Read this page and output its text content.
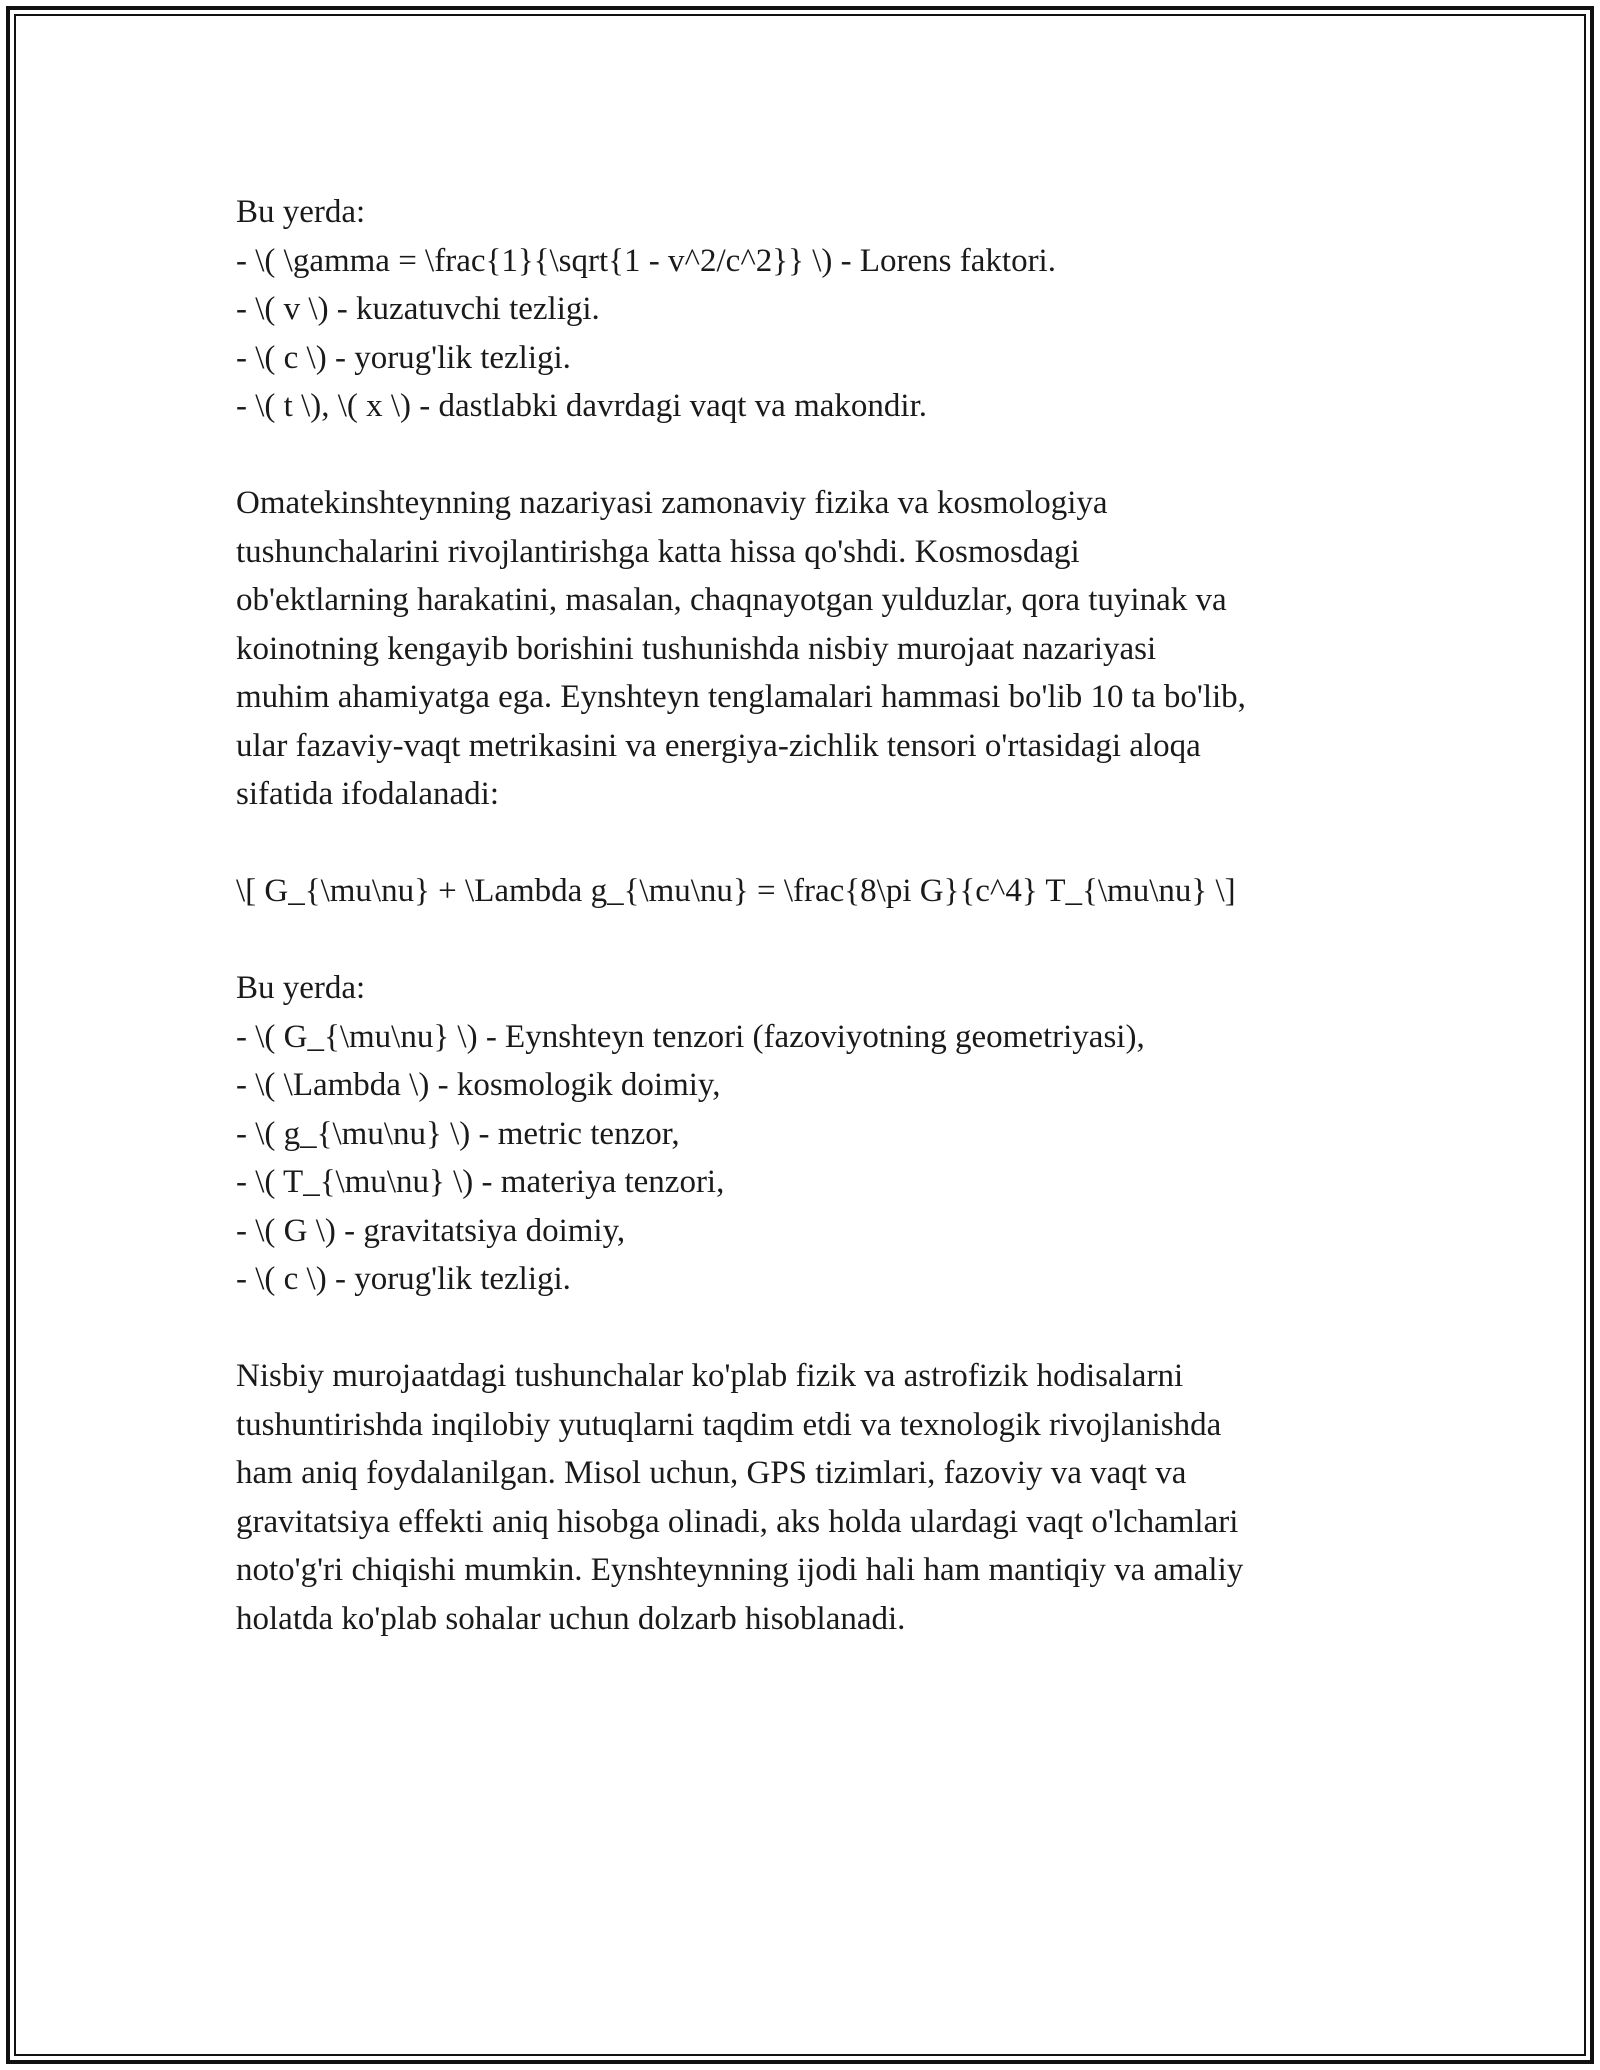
Bu yerda:
- \( \gamma = \frac{1}{\sqrt{1 - v^2/c^2}} \) - Lorens faktori.
- \( v \) - kuzatuvchi tezligi.
- \( c \) - yorug'lik tezligi.
- \( t \), \( x \) - dastlabki davrdagi vaqt va makondir.
Omatekinshteynning nazariyasi zamonaviy fizika va kosmologiya
tushunchalarini rivojlantirishga katta hissa qo'shdi. Kosmosdagi
ob'ektlarning harakatini, masalan, chaqnayotgan yulduzlar, qora tuyinak va
koinotning kengayib borishini tushunishda nisbiy murojaat nazariyasi
muhim ahamiyatga ega. Eynshteyn tenglamalari hammasi bo'lib 10 ta bo'lib,
ular fazaviy-vaqt metrikasini va energiya-zichlik tensori o'rtasidagi aloqa
sifatida ifodalanadi:
\[ G_{\mu\nu} + \Lambda g_{\mu\nu} = \frac{8\pi G}{c^4} T_{\mu\nu} \]
Bu yerda:
- \( G_{\mu\nu} \) - Eynshteyn tenzori (fazoviyotning geometriyasi),
- \( \Lambda \) - kosmologik doimiy,
- \( g_{\mu\nu} \) - metric tenzor,
- \( T_{\mu\nu} \) - materiya tenzori,
- \( G \) - gravitatsiya doimiy,
- \( c \) - yorug'lik tezligi.
Nisbiy murojaatdagi tushunchalar ko'plab fizik va astrofizik hodisalarni
tushuntirishda inqilobiy yutuqlarni taqdim etdi va texnologik rivojlanishda
ham aniq foydalanilgan. Misol uchun, GPS tizimlari, fazoviy va vaqt va
gravitatsiya effekti aniq hisobga olinadi, aks holda ulardagi vaqt o'lchamlari
noto'g'ri chiqishi mumkin. Eynshteynning ijodi hali ham mantiqiy va amaliy
holatda ko'plab sohalar uchun dolzarb hisoblanadi.
